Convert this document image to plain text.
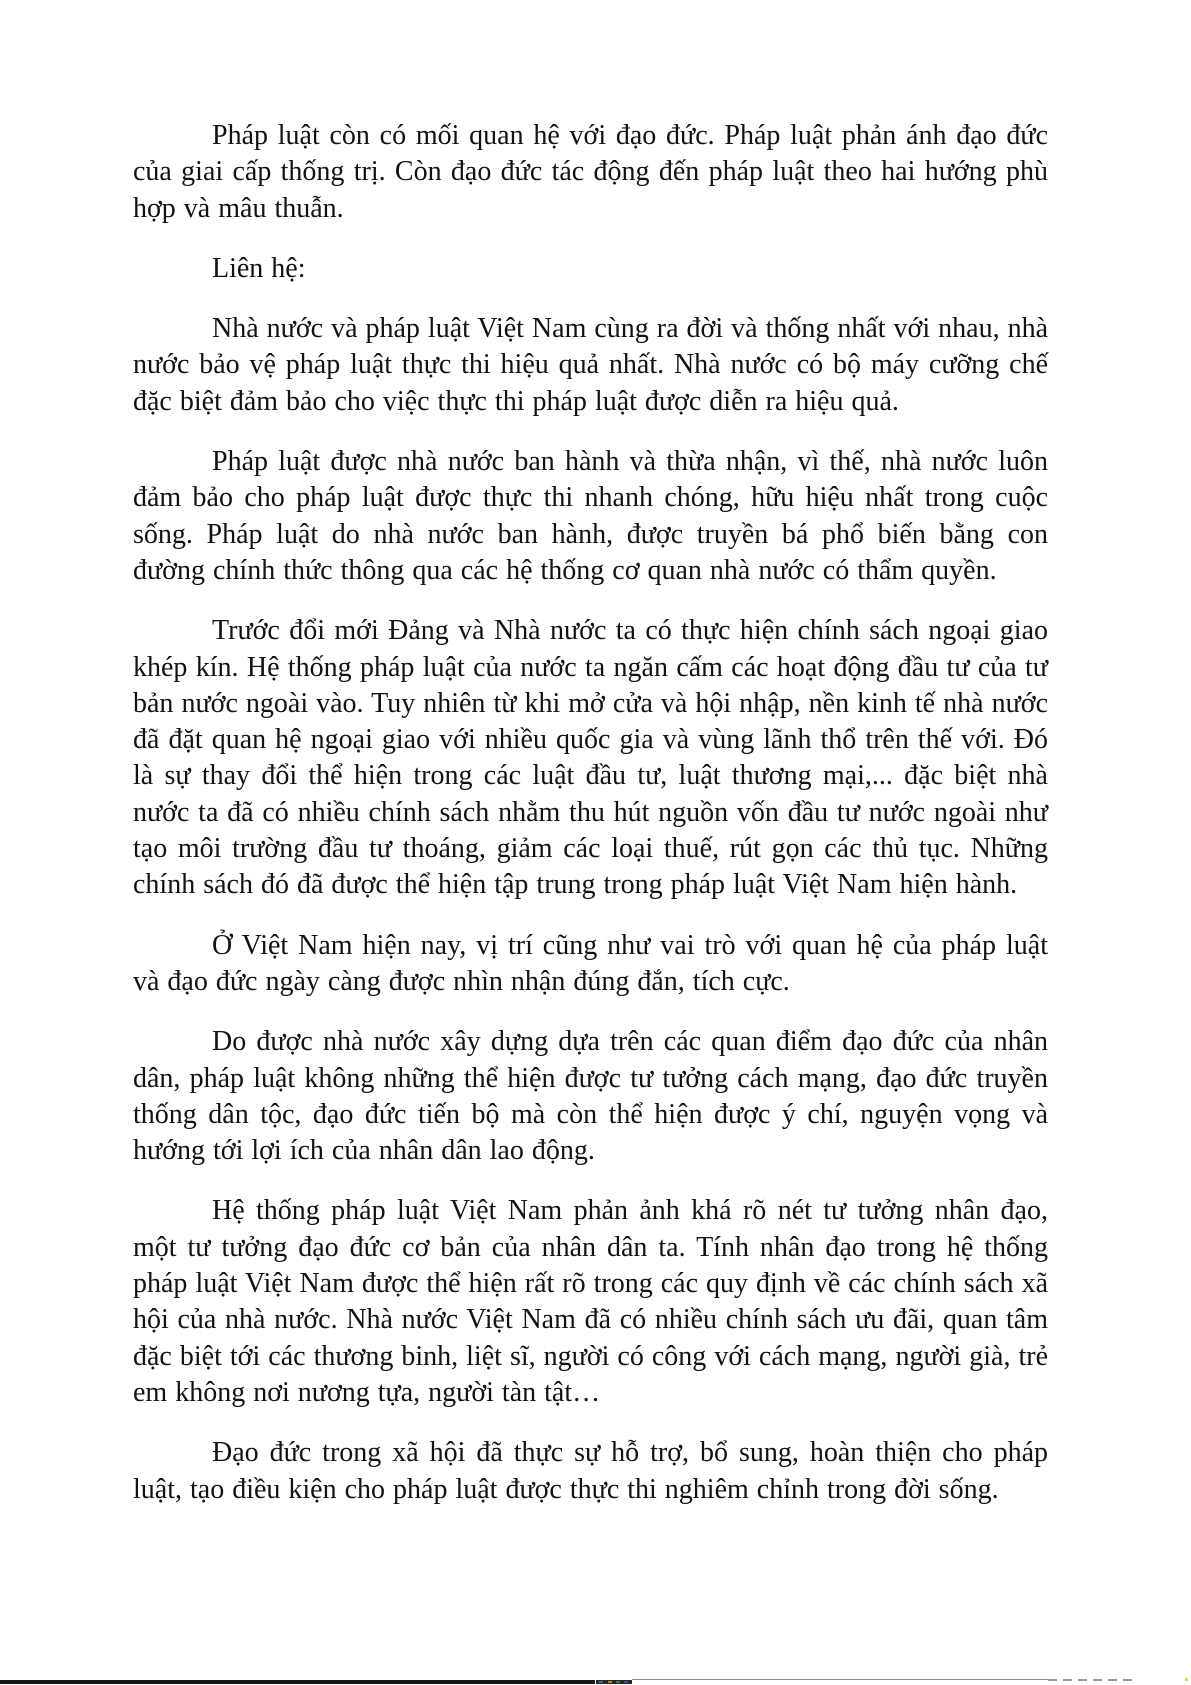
Pháp luật còn có mối quan hệ với đạo đức. Pháp luật phản ánh đạo đức của giai cấp thống trị. Còn đạo đức tác động đến pháp luật theo hai hướng phù hợp và mâu thuẫn.

Liên hệ:

Nhà nước và pháp luật Việt Nam cùng ra đời và thống nhất với nhau, nhà nước bảo vệ pháp luật thực thi hiệu quả nhất. Nhà nước có bộ máy cưỡng chế đặc biệt đảm bảo cho việc thực thi pháp luật được diễn ra hiệu quả.

Pháp luật được nhà nước ban hành và thừa nhận, vì thế, nhà nước luôn đảm bảo cho pháp luật được thực thi nhanh chóng, hữu hiệu nhất trong cuộc sống. Pháp luật do nhà nước ban hành, được truyền bá phổ biến bằng con đường chính thức thông qua các hệ thống cơ quan nhà nước có thẩm quyền.

Trước đổi mới Đảng và Nhà nước ta có thực hiện chính sách ngoại giao khép kín. Hệ thống pháp luật của nước ta ngăn cấm các hoạt động đầu tư của tư bản nước ngoài vào. Tuy nhiên từ khi mở cửa và hội nhập, nền kinh tế nhà nước đã đặt quan hệ ngoại giao với nhiều quốc gia và vùng lãnh thổ trên thế với. Đó là sự thay đổi thể hiện trong các luật đầu tư, luật thương mại,... đặc biệt nhà nước ta đã có nhiều chính sách nhằm thu hút nguồn vốn đầu tư nước ngoài như tạo môi trường đầu tư thoáng, giảm các loại thuế, rút gọn các thủ tục. Những chính sách đó đã được thể hiện tập trung trong pháp luật Việt Nam hiện hành.

Ở Việt Nam hiện nay, vị trí cũng như vai trò với quan hệ của pháp luật và đạo đức ngày càng được nhìn nhận đúng đắn, tích cực.

Do được nhà nước xây dựng dựa trên các quan điểm đạo đức của nhân dân, pháp luật không những thể hiện được tư tưởng cách mạng, đạo đức truyền thống dân tộc, đạo đức tiến bộ mà còn thể hiện được ý chí, nguyện vọng và hướng tới lợi ích của nhân dân lao động.

Hệ thống pháp luật Việt Nam phản ảnh khá rõ nét tư tưởng nhân đạo, một tư tưởng đạo đức cơ bản của nhân dân ta. Tính nhân đạo trong hệ thống pháp luật Việt Nam được thể hiện rất rõ trong các quy định về các chính sách xã hội của nhà nước. Nhà nước Việt Nam đã có nhiều chính sách ưu đãi, quan tâm đặc biệt tới các thương binh, liệt sĩ, người có công với cách mạng, người già, trẻ em không nơi nương tựa, người tàn tật…

Đạo đức trong xã hội đã thực sự hỗ trợ, bổ sung, hoàn thiện cho pháp luật, tạo điều kiện cho pháp luật được thực thi nghiêm chỉnh trong đời sống.
